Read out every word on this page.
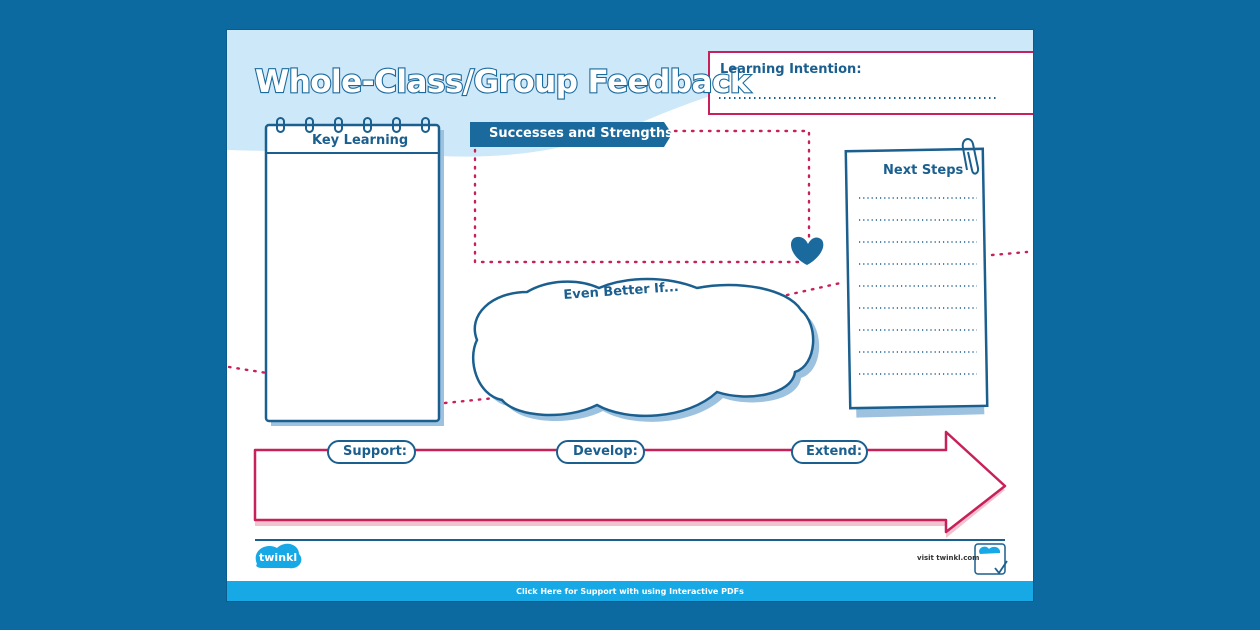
Whole-Class/Group Feedback
Learning Intention:
Successes and Strengths
Key Learning
Next Steps
Even Better If...
Support:	Develop:	Extend:
twinkl	visit twinkl.com
Click Here for Support with using Interactive PDFs
